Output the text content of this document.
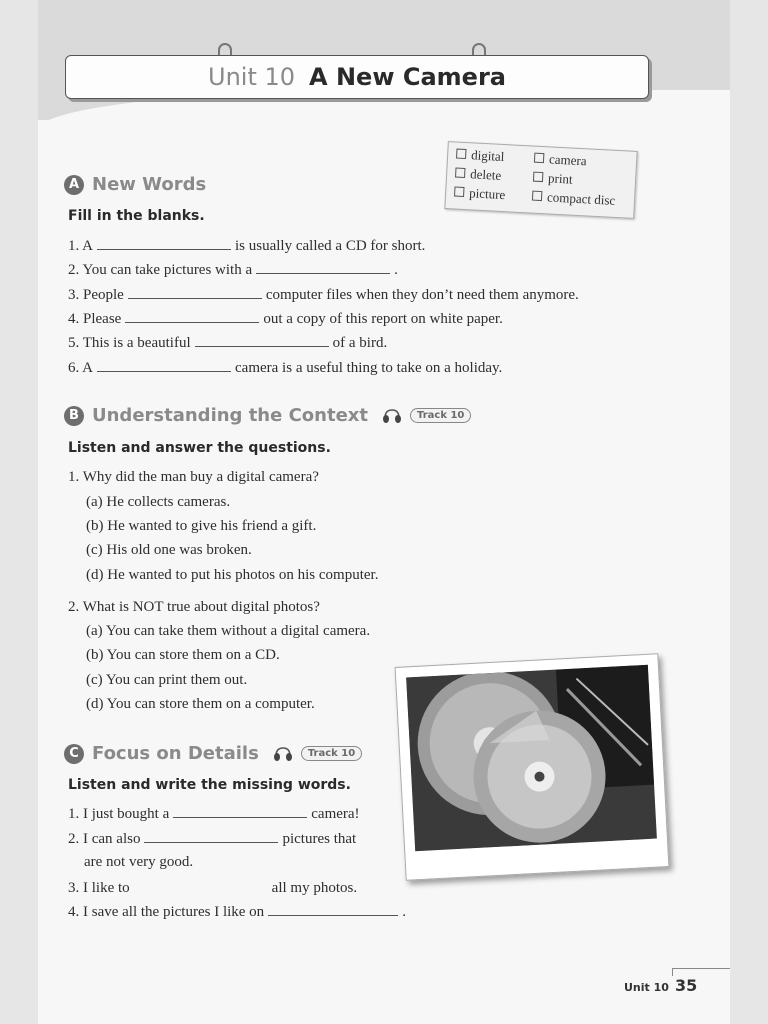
Unit 10 A New Camera
digital	camera
delete	print
picture	compact disc
A New Words
Fill in the blanks.
1. A	is usually called a CD for short.
2. You can take pictures with a	.
3. People	computer files when they don’t need them anymore.
4. Please	out a copy of this report on white paper.
5. This is a beautiful	of a bird.
6. A	camera is a useful thing to take on a holiday.
B Understanding the Context	Track 10
Listen and answer the questions.
1. Why did the man buy a digital camera?
(a) He collects cameras.
(b) He wanted to give his friend a gift.
(c) His old one was broken.
(d) He wanted to put his photos on his computer.
2. What is NOT true about digital photos?
(a) You can take them without a digital camera.
(b) You can store them on a CD.
(c) You can print them out.
(d) You can store them on a computer.
C Focus on Details	Track 10
Listen and write the missing words.
1. I just bought a	camera!
2. I can also	pictures that
are not very good.
3. I like to	all my photos.
4. I save all the pictures I like on	.
Unit 10 35
